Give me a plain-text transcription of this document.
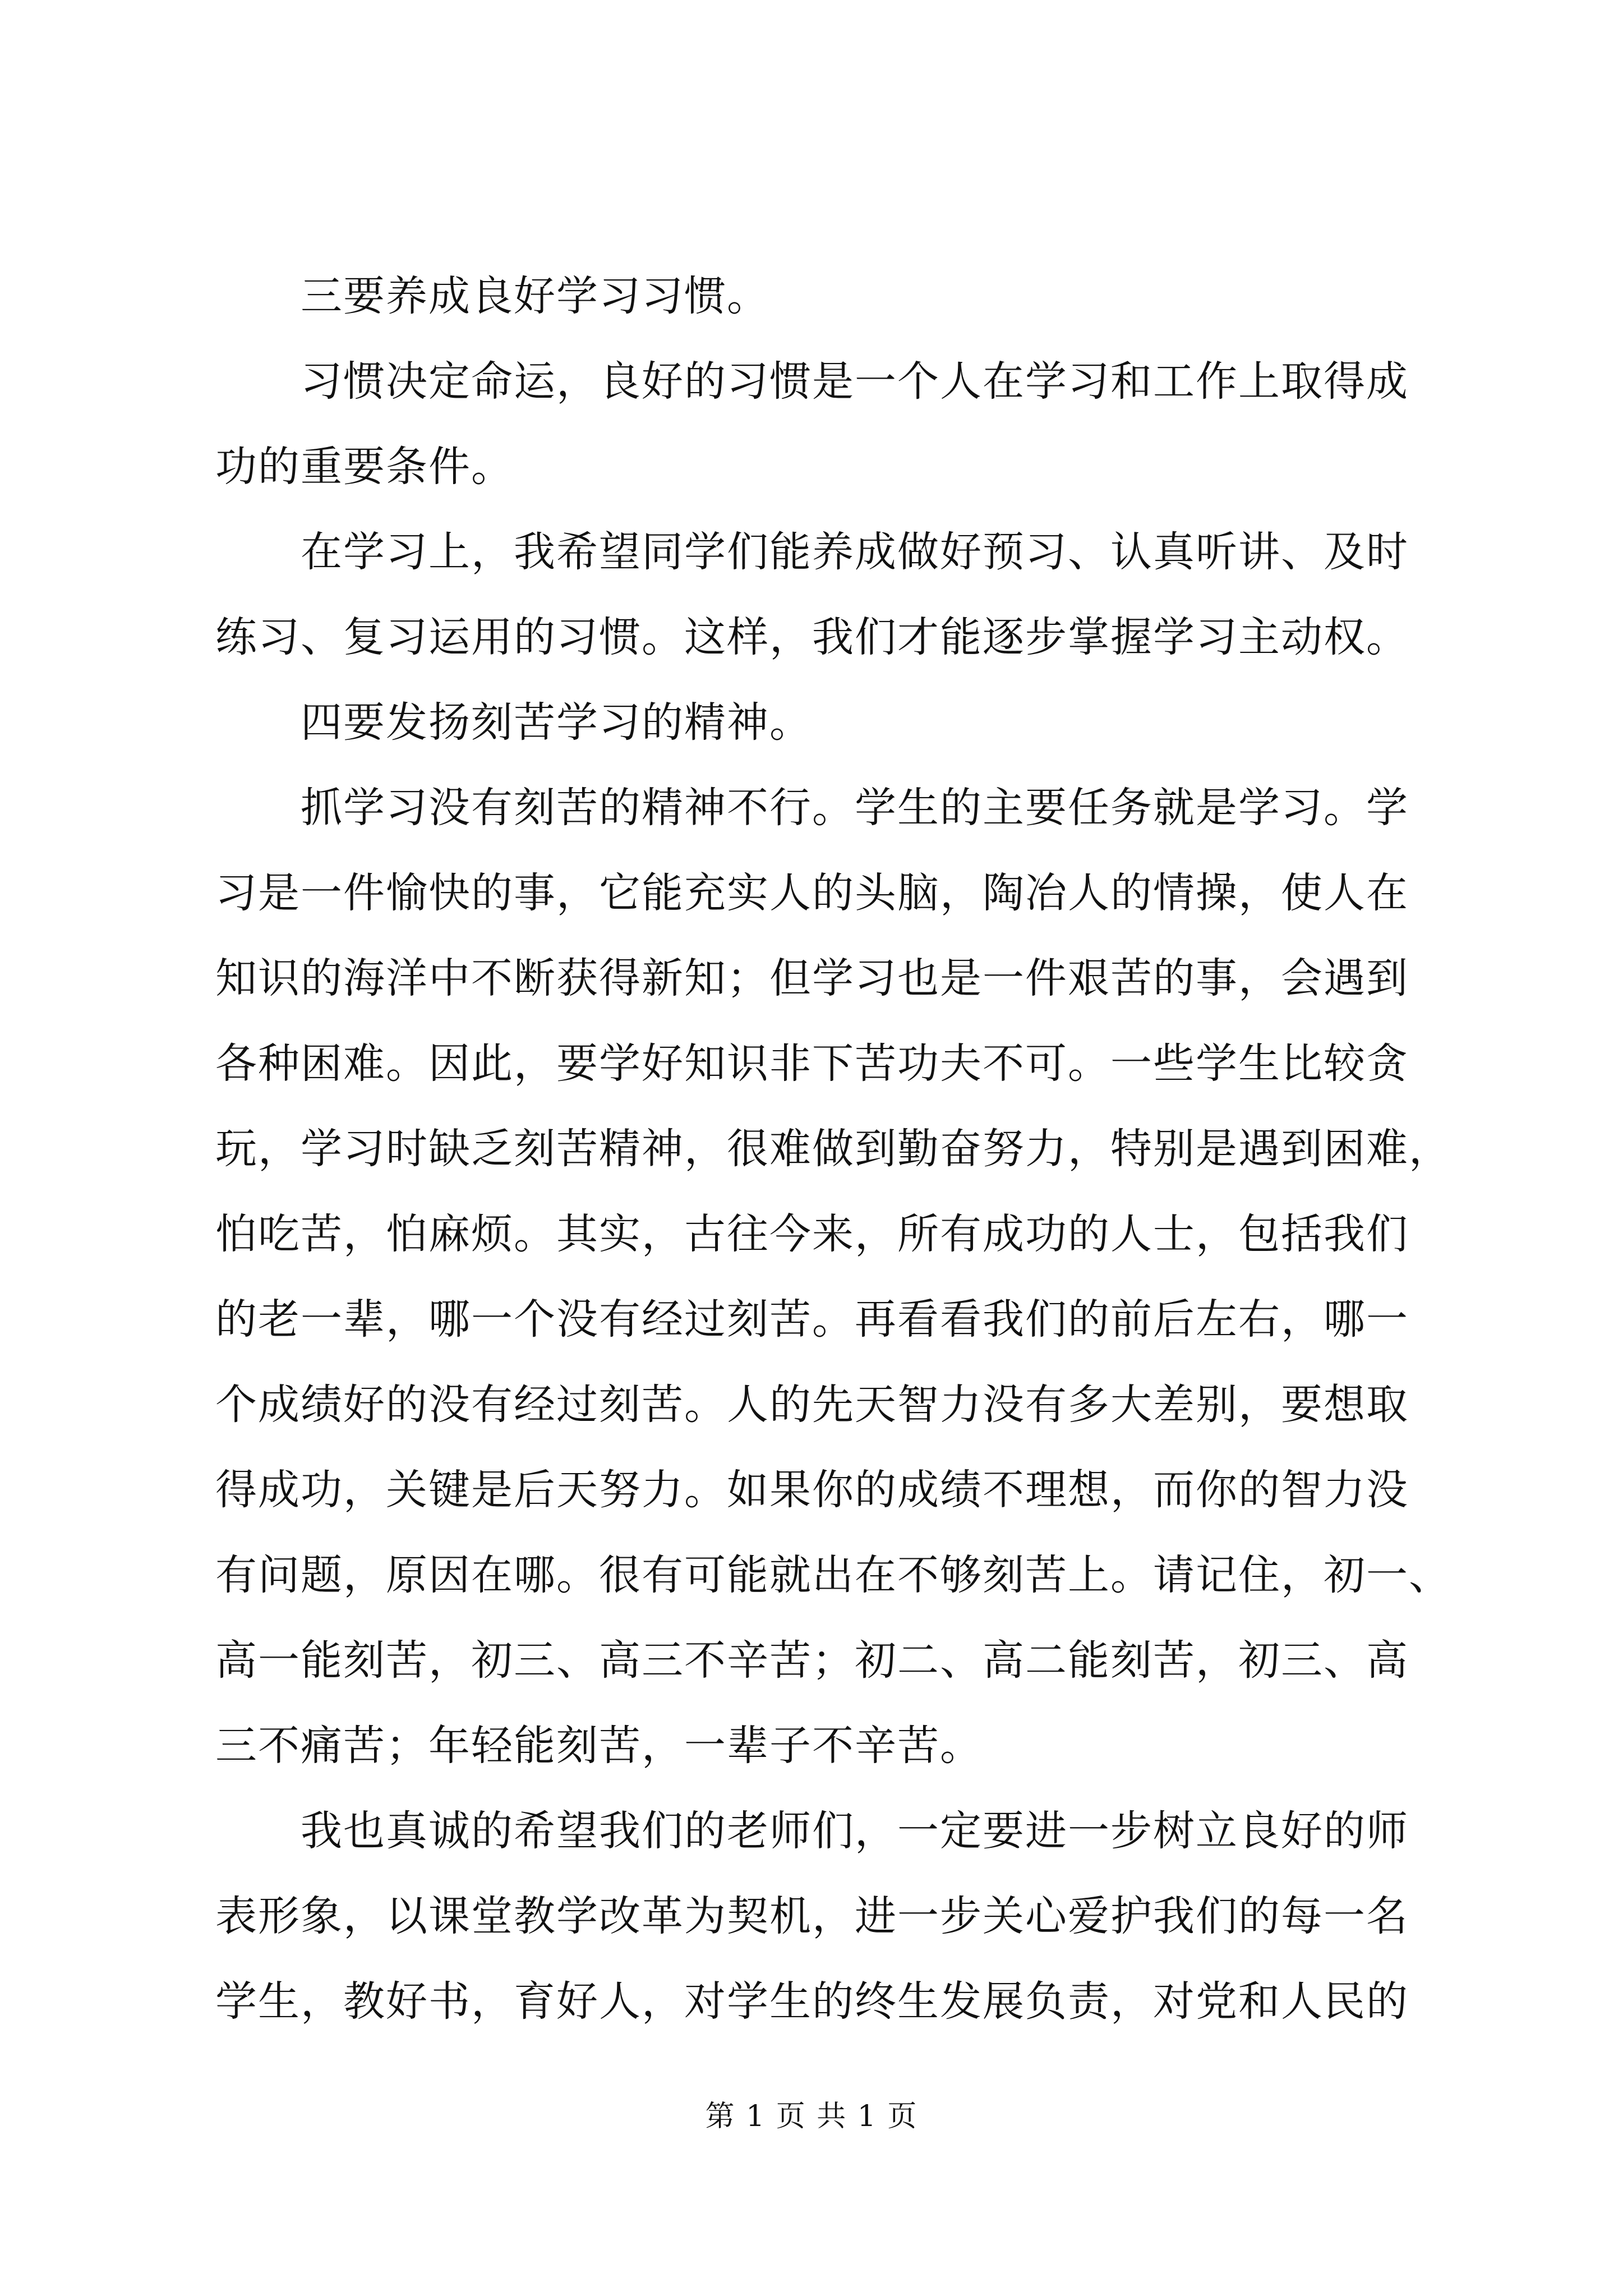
　　三要养成良好学习习惯。
　　习惯决定命运，良好的习惯是一个人在学习和工作上取得成
功的重要条件。
　　在学习上，我希望同学们能养成做好预习、认真听讲、及时
练习、复习运用的习惯。这样，我们才能逐步掌握学习主动权。
　　四要发扬刻苦学习的精神。
　　抓学习没有刻苦的精神不行。学生的主要任务就是学习。学
习是一件愉快的事，它能充实人的头脑，陶冶人的情操，使人在
知识的海洋中不断获得新知；但学习也是一件艰苦的事，会遇到
各种困难。因此，要学好知识非下苦功夫不可。一些学生比较贪
玩，学习时缺乏刻苦精神，很难做到勤奋努力，特别是遇到困难，
怕吃苦，怕麻烦。其实，古往今来，所有成功的人士，包括我们
的老一辈，哪一个没有经过刻苦。再看看我们的前后左右，哪一
个成绩好的没有经过刻苦。人的先天智力没有多大差别，要想取
得成功，关键是后天努力。如果你的成绩不理想，而你的智力没
有问题，原因在哪。很有可能就出在不够刻苦上。请记住，初一、
高一能刻苦，初三、高三不辛苦；初二、高二能刻苦，初三、高
三不痛苦；年轻能刻苦，一辈子不辛苦。
　　我也真诚的希望我们的老师们，一定要进一步树立良好的师
表形象，以课堂教学改革为契机，进一步关心爱护我们的每一名
学生，教好书，育好人，对学生的终生发展负责，对党和人民的
第 1 页 共 1 页
